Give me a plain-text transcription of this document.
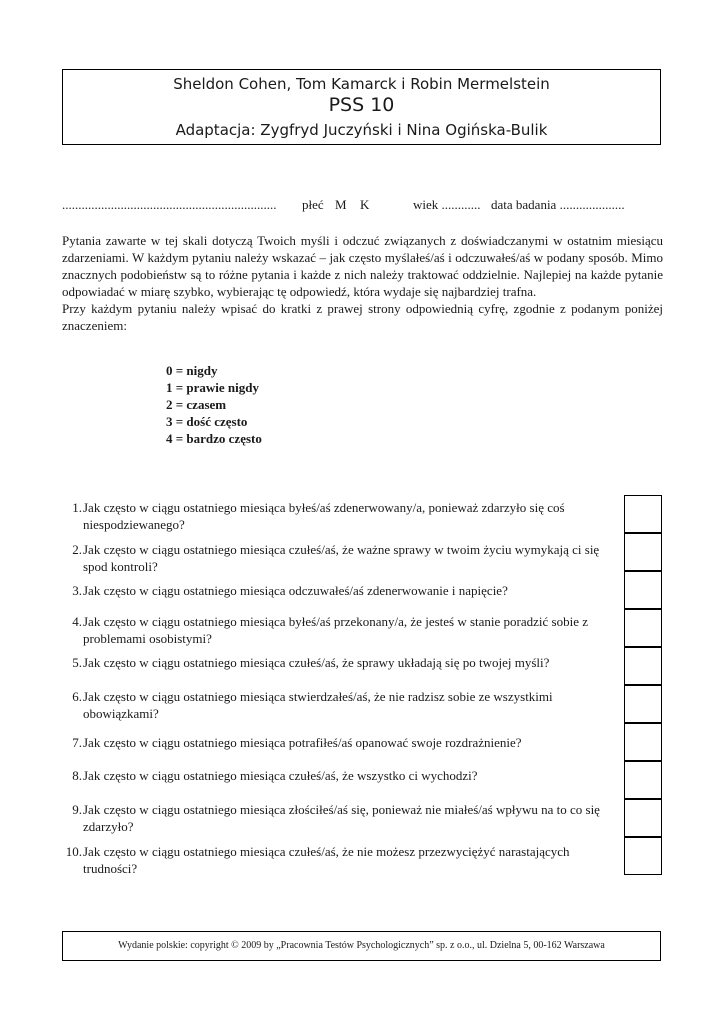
Sheldon Cohen, Tom Kamarck i Robin Mermelstein
PSS 10
Adaptacja: Zygfryd Juczyński i Nina Ogińska-Bulik
.................................................................. płeć M K	wiek ............ data badania ....................

Pytania zawarte w tej skali dotyczą Twoich myśli i odczuć związanych z doświadczanymi w ostatnim miesiącu zdarzeniami. W każdym pytaniu należy wskazać – jak często myślałeś/aś i odczuwałeś/aś w podany sposób. Mimo znacznych podobieństw są to różne pytania i każde z nich należy traktować oddzielnie. Najlepiej na każde pytanie odpowiadać w miarę szybko, wybierając tę odpowiedź, która wydaje się najbardziej trafna.

Przy każdym pytaniu należy wpisać do kratki z prawej strony odpowiednią cyfrę, zgodnie z podanym poniżej znaczeniem:

0 = nigdy
1 = prawie nigdy
2 = czasem
3 = dość często
4 = bardzo często
1. Jak często w ciągu ostatniego miesiąca byłeś/aś zdenerwowany/a, ponieważ zdarzyło się coś niespodziewanego?
2. Jak często w ciągu ostatniego miesiąca czułeś/aś, że ważne sprawy w twoim życiu wymykają ci się spod kontroli?
3. Jak często w ciągu ostatniego miesiąca odczuwałeś/aś zdenerwowanie i napięcie?
4. Jak często w ciągu ostatniego miesiąca byłeś/aś przekonany/a, że jesteś w stanie poradzić sobie z problemami osobistymi?
5. Jak często w ciągu ostatniego miesiąca czułeś/aś, że sprawy układają się po twojej myśli?
6. Jak często w ciągu ostatniego miesiąca stwierdzałeś/aś, że nie radzisz sobie ze wszystkimi obowiązkami?
7. Jak często w ciągu ostatniego miesiąca potrafiłeś/aś opanować swoje rozdrażnienie?
8. Jak często w ciągu ostatniego miesiąca czułeś/aś, że wszystko ci wychodzi?
9. Jak często w ciągu ostatniego miesiąca złościłeś/aś się, ponieważ nie miałeś/aś wpływu na to co się zdarzyło?
10. Jak często w ciągu ostatniego miesiąca czułeś/aś, że nie możesz przezwyciężyć narastających trudności?
Wydanie polskie: copyright © 2009 by „Pracownia Testów Psychologicznych” sp. z o.o., ul. Dzielna 5, 00-162 Warszawa
